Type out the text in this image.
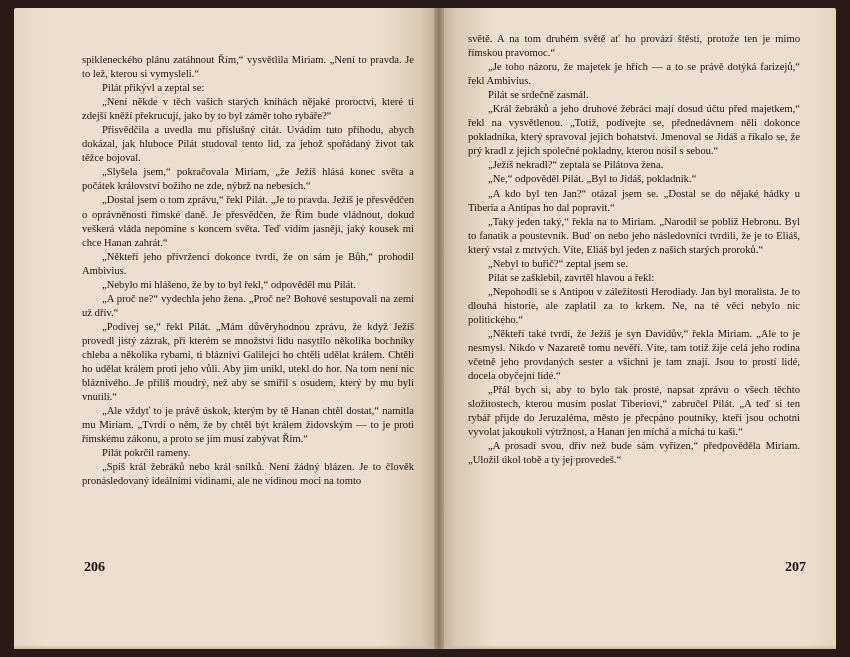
spikleneckého plánu zatáhnout Řím,“ vysvětlila Miriam. „Není to pravda. Je to lež, kterou si vymysleli.“

Pilát přikývl a zeptal se:

„Není někde v těch vašich starých knihách nějaké proroctví, které ti zdejší kněží překrucují, jako by to byl záměr toho rybáře?“

Přisvědčila a uvedla mu příslušný citát. Uvádím tuto příhodu, abych dokázal, jak hluboce Pilát studoval tento lid, za jehož spořádaný život tak těžce bojoval.

„Slyšela jsem,“ pokračovala Miriam, „že Ježíš hlásá konec světa a počátek království božího ne zde, nýbrž na nebesích.“

„Dostal jsem o tom zprávu,“ řekl Pilát. „Je to pravda. Ježíš je přesvědčen o oprávněnosti římské daně. Je přesvědčen, že Řím bude vládnout, dokud veškerá vláda nepomine s koncem světa. Teď vidím jasněji, jaký kousek mi chce Hanan zahrát.“

„Někteří jeho přívrženci dokonce tvrdí, že on sám je Bůh,“ prohodil Ambivius.

„Nebylo mi hlášeno, že by to byl řekl,“ odpověděl mu Pilát.

„A proč ne?“ vydechla jeho žena. „Proč ne? Bohové sestupovali na zemi už dřív.“

„Podívej se,“ řekl Pilát. „Mám důvěryhodnou zprávu, že když Ježíš provedl jistý zázrak, při kterém se množství lidu nasytilo několika bochníky chleba a několika rybami, ti bláznivi Galilejci ho chtěli udělat králem. Chtěli ho udělat králem proti jeho vůli. Aby jim unikl, utekl do hor. Na tom není nic bláznivého. Je příliš moudrý, než aby se smířil s osudem, který by mu byli vnutili.“

„Ale vždyť to je právě úskok, kterým by tě Hanan chtěl dostat,“ namítla mu Miriam. „Tvrdí o něm, že by chtěl být králem židovským — to je proti římskému zákonu, a proto se jím musí zabývat Řím.“

Pilát pokrčil rameny.

„Spíš král žebráků nebo král snílků. Není žádný blázen. Je to člověk pronásledovaný ideálními vidinami, ale ne vidinou moci na tomto

206

světě. A na tom druhém světě ať ho provází štěstí, protože ten je mimo římskou pravomoc.“

„Je toho názoru, že majetek je hřích — a to se právě dotýká farizejů,“ řekl Ambivius.

Pilát se srdečně zasmál.

„Král žebráků a jeho druhové žebráci mají dosud účtu před majetkem,“ řekl na vysvětlenou. „Totiž, podívejte se, přednedávnem něli dokonce pokladníka, který spravoval jejich bohatství. Jmenoval se Jidáš a říkalo se, že prý kradl z jejich společné pokladny, kterou nosil s sebou.“

„Ježíš nekradl?“ zeptala se Pilátova žena.

„Ne,“ odpověděl Pilát. „Byl to Jidáš, pokladník.“

„A kdo byl ten Jan?“ otázal jsem se. „Dostal se do nějaké hádky u Tiberia a Antipas ho dal popravit.“

„Taky jeden taký,“ řekla na to Miriam. „Narodil se poblíž Hebronu. Byl to fanatik a poustevník. Buď on nebo jeho následovníci tvrdili, že je to Eliáš, který vstal z mrtvých. Víte, Eliáš byl jeden z našich starých proroků.“

„Nebyl to buřič?“ zeptal jsem se.

Pilát se zašklebil, zavrtěl hlavou a řekl:

„Nepohodli se s Antipou v záležitosti Herodiady. Jan byl moralista. Je to dlouhá historie, ale zaplatil za to krkem. Ne, na té věci nebylo nic politického.“

„Někteří také tvrdí, že Ježíš je syn Davidův,“ řekla Miriam. „Ale to je nesmysl. Nikdo v Nazaretě tomu nevěří. Víte, tam totiž žije celá jeho rodina včetně jeho provdaných sester a všichni je tam znají. Jsou to prostí lidé, docela obyčejní lidé.“

„Přál bych si, aby to bylo tak prosté, napsat zprávu o všech těchto složitostech, kterou musím poslat Tiberiovi,“ zabručel Pilát. „A teď si ten rybář přijde do Jeruzaléma, město je přecpáno poutníky, kteří jsou ochotni vyvolat jakoukoli výtržnost, a Hanan jen míchá a míchá tu kaši.“

„A prosadí svou, dřív než bude sám vyřízen,“ předpověděla Miriam. „Uložil úkol tobě a ty jej provedeš.“

207
